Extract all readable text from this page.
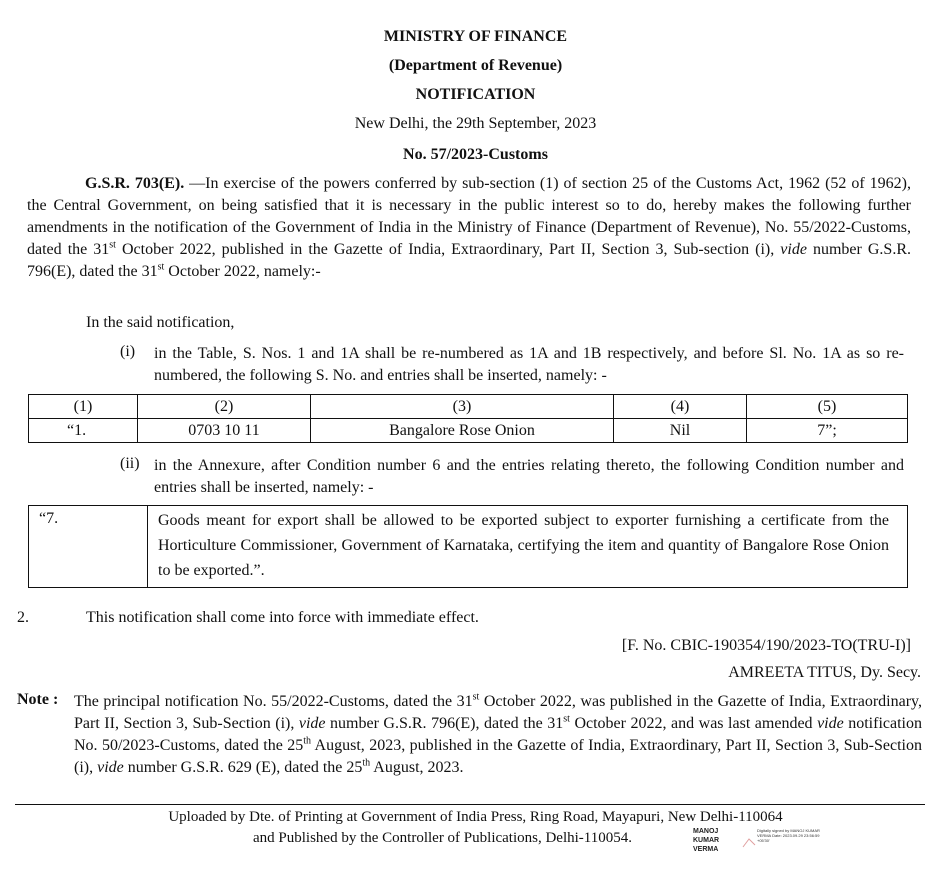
MINISTRY OF FINANCE
(Department of Revenue)
NOTIFICATION
New Delhi, the 29th September, 2023
No. 57/2023-Customs
G.S.R. 703(E). —In exercise of the powers conferred by sub-section (1) of section 25 of the Customs Act, 1962 (52 of 1962), the Central Government, on being satisfied that it is necessary in the public interest so to do, hereby makes the following further amendments in the notification of the Government of India in the Ministry of Finance (Department of Revenue), No. 55/2022-Customs, dated the 31st October 2022, published in the Gazette of India, Extraordinary, Part II, Section 3, Sub-section (i), vide number G.S.R. 796(E), dated the 31st October 2022, namely:-
In the said notification,
(i) in the Table, S. Nos. 1 and 1A shall be re-numbered as 1A and 1B respectively, and before Sl. No. 1A as so re-numbered, the following S. No. and entries shall be inserted, namely: -
(1)	(2)	(3)	(4)	(5)
“1.	0703 10 11	Bangalore Rose Onion	Nil	7”;
(ii) in the Annexure, after Condition number 6 and the entries relating thereto, the following Condition number and entries shall be inserted, namely: -
“7.	Goods meant for export shall be allowed to be exported subject to exporter furnishing a certificate from the Horticulture Commissioner, Government of Karnataka, certifying the item and quantity of Bangalore Rose Onion to be exported.”.
2.	This notification shall come into force with immediate effect.
[F. No. CBIC-190354/190/2023-TO(TRU-I)]
AMREETA TITUS, Dy. Secy.
Note : The principal notification No. 55/2022-Customs, dated the 31st October 2022, was published in the Gazette of India, Extraordinary, Part II, Section 3, Sub-Section (i), vide number G.S.R. 796(E), dated the 31st October 2022, and was last amended vide notification No. 50/2023-Customs, dated the 25th August, 2023, published in the Gazette of India, Extraordinary, Part II, Section 3, Sub-Section (i), vide number G.S.R. 629 (E), dated the 25th August, 2023.
Uploaded by Dte. of Printing at Government of India Press, Ring Road, Mayapuri, New Delhi-110064
and Published by the Controller of Publications, Delhi-110054.	MANOJ KUMAR VERMA
Digitally signed by MANOJ KUMAR VERMA Date: 2023.09.29 23:56:59 +05'30'
